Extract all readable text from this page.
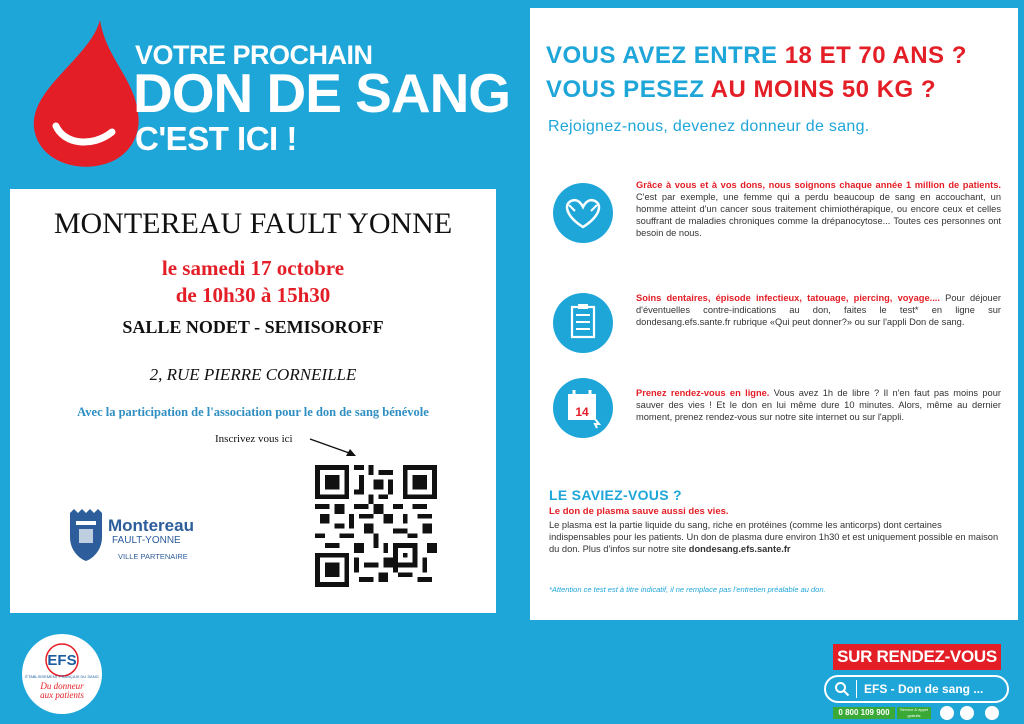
VOTRE PROCHAIN
DON DE SANG
C'EST ICI !
MONTEREAU FAULT YONNE
le samedi 17 octobre
de 10h30 à 15h30
SALLE NODET - SEMISOROFF
2, RUE PIERRE CORNEILLE
Avec la participation de l'association pour le don de sang bénévole
Inscrivez vous ici
Montereau
FAULT-YONNE
VILLE PARTENAIRE
VOUS AVEZ ENTRE 18 ET 70 ANS ?
VOUS PESEZ AU MOINS 50 KG ?
Rejoignez-nous, devenez donneur de sang.
Grâce à vous et à vos dons, nous soignons chaque année 1 million de patients. C'est par exemple, une femme qui a perdu beaucoup de sang en accouchant, un homme atteint d'un cancer sous traitement chimiothérapique, ou encore ceux et celles souffrant de maladies chroniques comme la drépanocytose... Toutes ces personnes ont besoin de nous.
Soins dentaires, épisode infectieux, tatouage, piercing, voyage.... Pour déjouer d'éventuelles contre-indications au don, faites le test* en ligne sur dondesang.efs.sante.fr rubrique «Qui peut donner?» ou sur l'appli Don de sang.
14
Prenez rendez-vous en ligne. Vous avez 1h de libre ? Il n'en faut pas moins pour sauver des vies ! Et le don en lui même dure 10 minutes. Alors, même au dernier moment, prenez rendez-vous sur notre site internet ou sur l'appli.
LE SAVIEZ-VOUS ?
Le don de plasma sauve aussi des vies.
Le plasma est la partie liquide du sang, riche en protéines (comme les anticorps) dont certaines indispensables pour les patients. Un don de plasma dure environ 1h30 et est uniquement possible en maison du don. Plus d'infos sur notre site dondesang.efs.sante.fr
*Attention ce test est à titre indicatif, il ne remplace pas l'entretien préalable au don.
EFS
ÉTABLISSEMENT FRANÇAIS DU SANG
Du donneur
aux patients
SUR RENDEZ-VOUS
EFS - Don de sang ...
0 800 109 900	Service & appel gratuits
